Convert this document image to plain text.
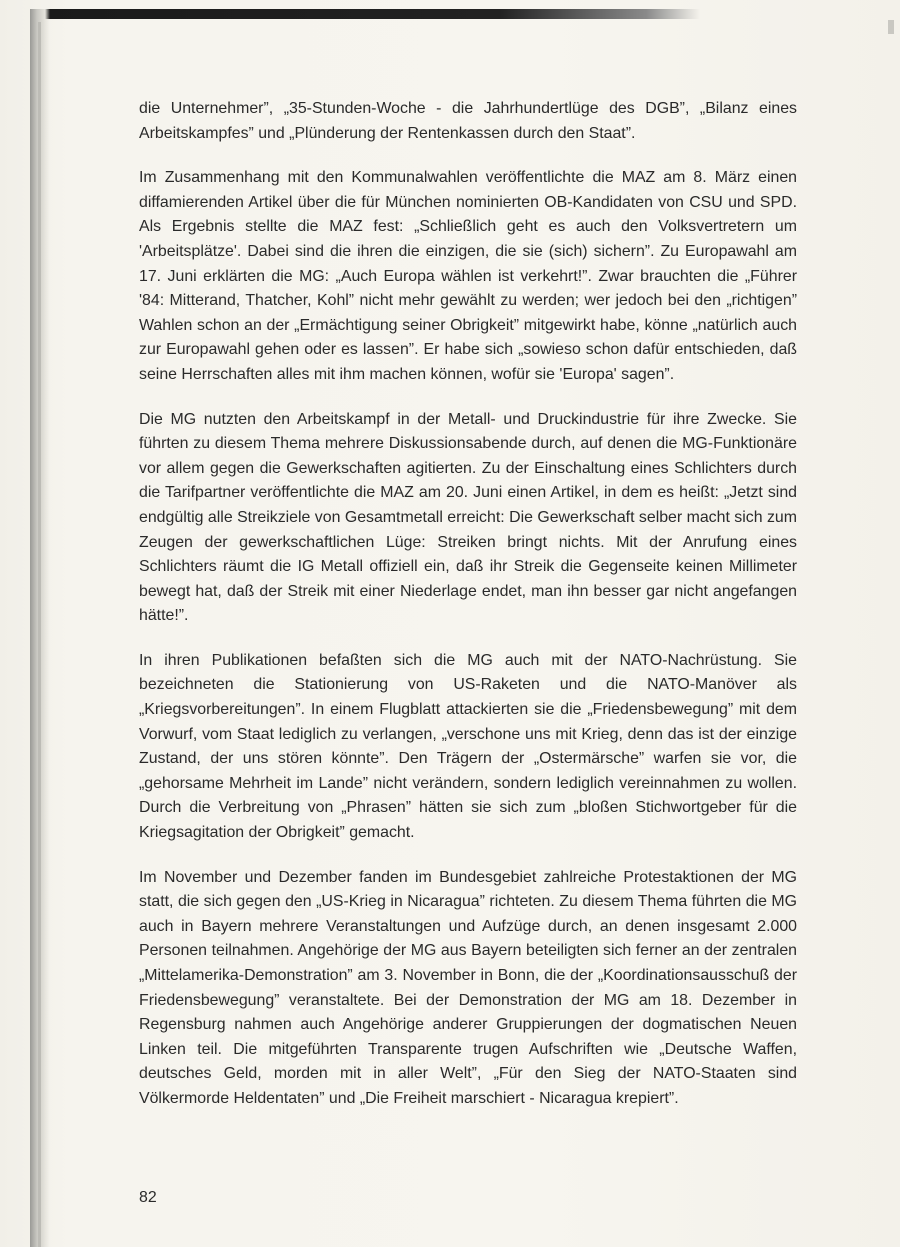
die Unternehmer”, „35-Stunden-Woche - die Jahrhundertlüge des DGB”, „Bilanz eines Arbeitskampfes” und „Plünderung der Rentenkassen durch den Staat”.

Im Zusammenhang mit den Kommunalwahlen veröffentlichte die MAZ am 8. März einen diffamierenden Artikel über die für München nominierten OB-Kandidaten von CSU und SPD. Als Ergebnis stellte die MAZ fest: „Schließlich geht es auch den Volksvertretern um 'Arbeitsplätze'. Dabei sind die ihren die einzigen, die sie (sich) sichern”. Zu Europawahl am 17. Juni erklärten die MG: „Auch Europa wählen ist verkehrt!”. Zwar brauchten die „Führer '84: Mitterand, Thatcher, Kohl” nicht mehr gewählt zu werden; wer jedoch bei den „richtigen” Wahlen schon an der „Ermächtigung seiner Obrigkeit” mitgewirkt habe, könne „natürlich auch zur Europawahl gehen oder es lassen”. Er habe sich „sowieso schon dafür entschieden, daß seine Herrschaften alles mit ihm machen können, wofür sie 'Europa' sagen”.

Die MG nutzten den Arbeitskampf in der Metall- und Druckindustrie für ihre Zwecke. Sie führten zu diesem Thema mehrere Diskussionsabende durch, auf denen die MG-Funktionäre vor allem gegen die Gewerkschaften agitierten. Zu der Einschaltung eines Schlichters durch die Tarifpartner veröffentlichte die MAZ am 20. Juni einen Artikel, in dem es heißt: „Jetzt sind endgültig alle Streikziele von Gesamtmetall erreicht: Die Gewerkschaft selber macht sich zum Zeugen der gewerkschaftlichen Lüge: Streiken bringt nichts. Mit der Anrufung eines Schlichters räumt die IG Metall offiziell ein, daß ihr Streik die Gegenseite keinen Millimeter bewegt hat, daß der Streik mit einer Niederlage endet, man ihn besser gar nicht angefangen hätte!”.

In ihren Publikationen befaßten sich die MG auch mit der NATO-Nachrüstung. Sie bezeichneten die Stationierung von US-Raketen und die NATO-Manöver als „Kriegsvorbereitungen”. In einem Flugblatt attackierten sie die „Friedensbewegung” mit dem Vorwurf, vom Staat lediglich zu verlangen, „verschone uns mit Krieg, denn das ist der einzige Zustand, der uns stören könnte”. Den Trägern der „Ostermärsche” warfen sie vor, die „gehorsame Mehrheit im Lande” nicht verändern, sondern lediglich vereinnahmen zu wollen. Durch die Verbreitung von „Phrasen” hätten sie sich zum „bloßen Stichwortgeber für die Kriegsagitation der Obrigkeit” gemacht.

Im November und Dezember fanden im Bundesgebiet zahlreiche Protestaktionen der MG statt, die sich gegen den „US-Krieg in Nicaragua” richteten. Zu diesem Thema führten die MG auch in Bayern mehrere Veranstaltungen und Aufzüge durch, an denen insgesamt 2.000 Personen teilnahmen. Angehörige der MG aus Bayern beteiligten sich ferner an der zentralen „Mittelamerika-Demonstration” am 3. November in Bonn, die der „Koordinationsausschuß der Friedensbewegung” veranstaltete. Bei der Demonstration der MG am 18. Dezember in Regensburg nahmen auch Angehörige anderer Gruppierungen der dogmatischen Neuen Linken teil. Die mitgeführten Transparente trugen Aufschriften wie „Deutsche Waffen, deutsches Geld, morden mit in aller Welt”, „Für den Sieg der NATO-Staaten sind Völkermorde Heldentaten” und „Die Freiheit marschiert - Nicaragua krepiert”.

82
